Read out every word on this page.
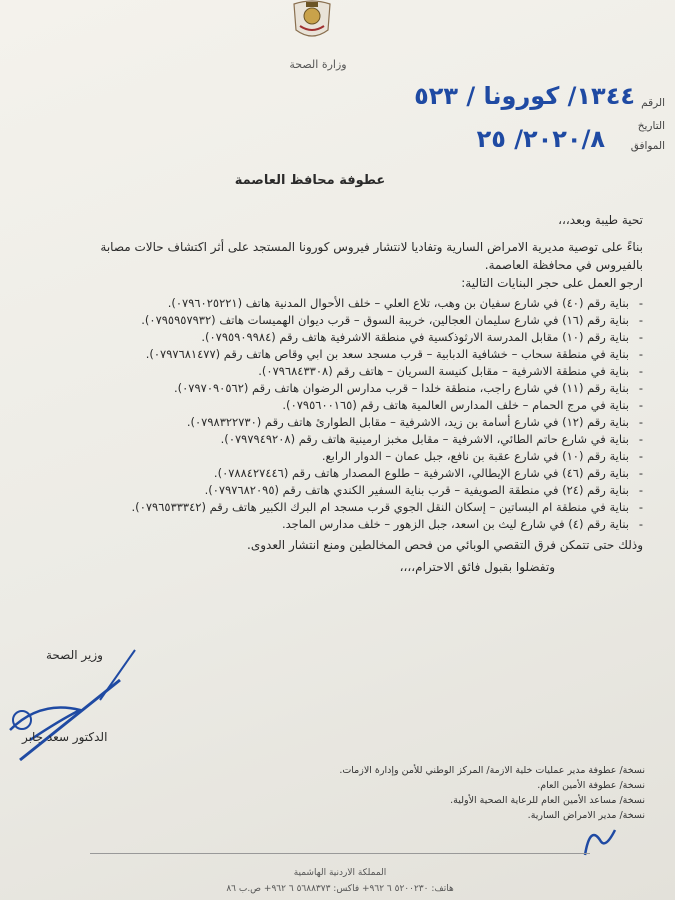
وزارة الصحة
الرقم
التاريخ
الموافق
١٣٤٤/ كورونا / ٥٢٣
٢٠٢٠/٨/ ٢٥
عطوفة محافظ العاصمة
تحية طيبة وبعد،،،
بناءً على توصية مديرية الامراض السارية وتفاديا لانتشار فيروس كورونا المستجد على أثر اكتشاف حالات مصابة
بالفيروس في محافظة العاصمة.
ارجو العمل على حجر البنايات التالية:
- بناية رقم (٤٠) في شارع سفيان بن وهب، تلاع العلي – خلف الأحوال المدنية هاتف (٠٧٩٦٠٢٥٢٢١).
- بناية رقم (١٦) في شارع سليمان العجالين، خريبة السوق – قرب ديوان الهميسات هاتف (٠٧٩٥٩٥٧٩٣٢).
- بناية رقم (١٠) مقابل المدرسة الارثوذكسية في منطقة الاشرفية هاتف رقم (٠٧٩٥٩٠٩٩٨٤).
- بناية في منطقة سحاب – خشافية الدبابية – قرب مسجد سعد بن ابي وقاص هاتف رقم (٠٧٩٧٦٨١٤٧٧).
- بناية في منطقة الاشرفية – مقابل كنيسة السريان – هاتف رقم (٠٧٩٦٨٤٣٣٠٨).
- بناية رقم (١١) في شارع راجب، منطقة خلدا – قرب مدارس الرضوان هاتف رقم (٠٧٩٧٠٩٠٥٦٢).
- بناية في مرج الحمام – خلف المدارس العالمية هاتف رقم (٠٧٩٥٦٠٠١٦٥).
- بناية رقم (١٢) في شارع أسامة بن زيد، الاشرفية – مقابل الطوارئ هاتف رقم (٠٧٩٨٣٢٢٧٣٠).
- بناية في شارع حاتم الطائي، الاشرفية – مقابل مخبز ارمينية هاتف رقم (٠٧٩٧٩٤٩٢٠٨).
- بناية رقم (١٠) في شارع عقبة بن نافع، جبل عمان – الدوار الرابع.
- بناية رقم (٤٦) في شارع الإيطالي، الاشرفية – طلوع المصدار هاتف رقم (٠٧٨٨٤٢٧٤٤٦).
- بناية رقم (٢٤) في منطقة الصويفية – قرب بناية السفير الكندي هاتف رقم (٠٧٩٧٦٨٢٠٩٥).
- بناية في منطقة ام البساتين – إسكان النقل الجوي قرب مسجد ام البرك الكبير هاتف رقم (٠٧٩٦٥٣٣٣٤٢).
- بناية رقم (٤) في شارع ليث بن اسعد، جبل الزهور – خلف مدارس الماجد.
وذلك حتى تتمكن فرق التقصي الوبائي من فحص المخالطين ومنع انتشار العدوى.
وتفضلوا بقبول فائق الاحترام،،،،
وزير الصحة
الدكتور سعد جابر
نسخة/ عطوفة مدير عمليات خلية الازمة/ المركز الوطني للأمن وإدارة الازمات.
نسخة/ عطوفة الأمين العام.
نسخة/ مساعد الأمين العام للرعاية الصحية الأولية.
نسخة/ مدير الامراض السارية.
المملكة الأردنية الهاشمية
هاتف: ٥٢٠٠٢٣٠ ٦ ٩٦٢+ فاكس: ٥٦٨٨٣٧٣ ٦ ٩٦٢+ ص.ب ٨٦
